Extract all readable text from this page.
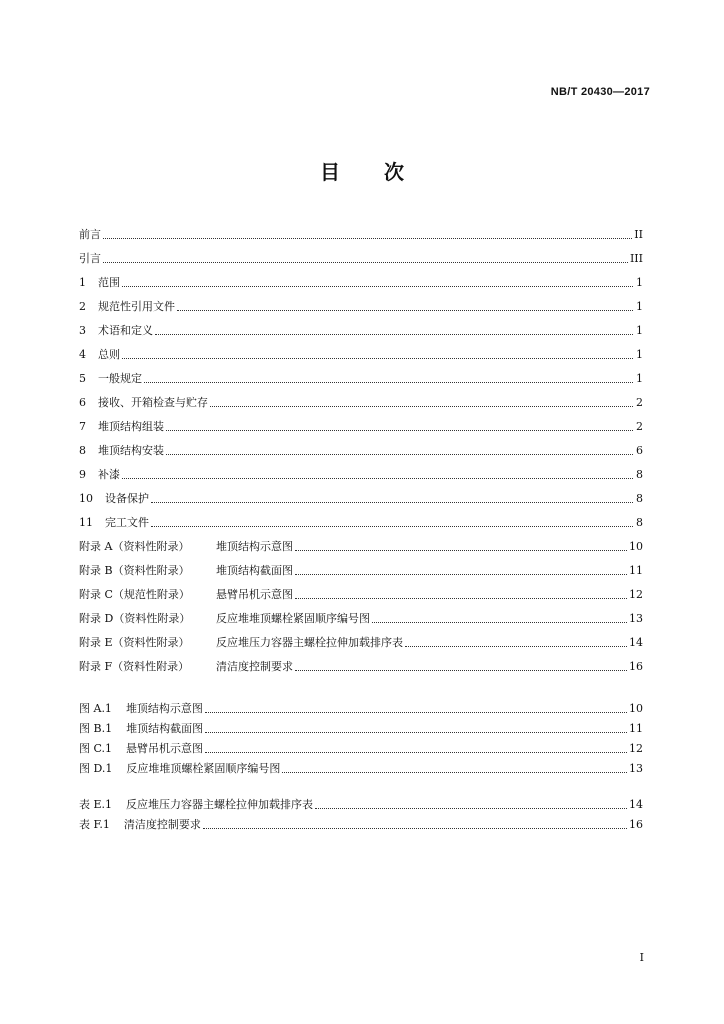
NB/T 20430—2017
目 次
前言	II
引言	III
1	范围	1
2	规范性引用文件	1
3	术语和定义	1
4	总则	1
5	一般规定	1
6	接收、开箱检查与贮存	2
7	堆顶结构组装	2
8	堆顶结构安装	6
9	补漆	8
10	设备保护	8
11	完工文件	8
附录 A（资料性附录）	堆顶结构示意图	10
附录 B（资料性附录）	堆顶结构截面图	11
附录 C（规范性附录）	悬臂吊机示意图	12
附录 D（资料性附录）	反应堆堆顶螺栓紧固顺序编号图	13
附录 E（资料性附录）	反应堆压力容器主螺栓拉伸加载排序表	14
附录 F（资料性附录）	清洁度控制要求	16
图 A.1 堆顶结构示意图	10
图 B.1 堆顶结构截面图	11
图 C.1 悬臂吊机示意图	12
图 D.1 反应堆堆顶螺栓紧固顺序编号图	13
表 E.1 反应堆压力容器主螺栓拉伸加载排序表	14
表 F.1 清洁度控制要求	16
I
